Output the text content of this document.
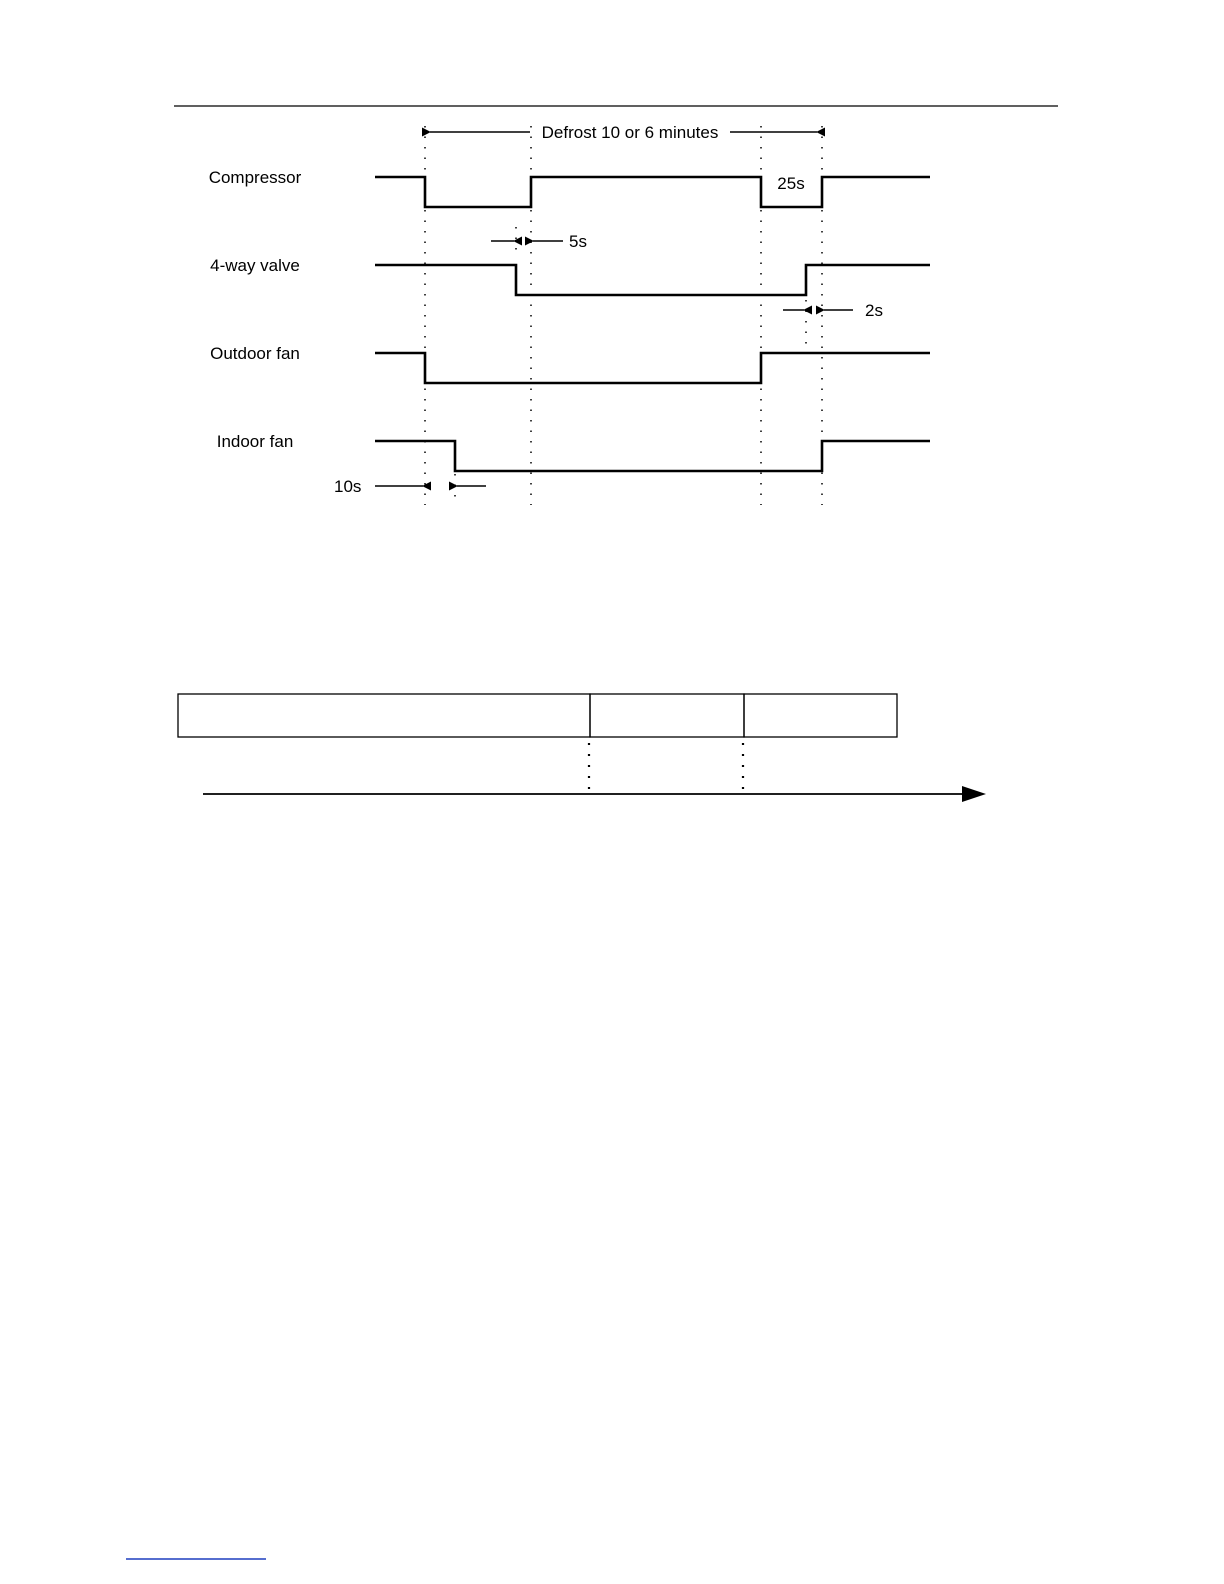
Defrost 10 or 6 minutes
Compressor
4-way valve
Outdoor fan
Indoor fan
25s
5s
2s
10s
